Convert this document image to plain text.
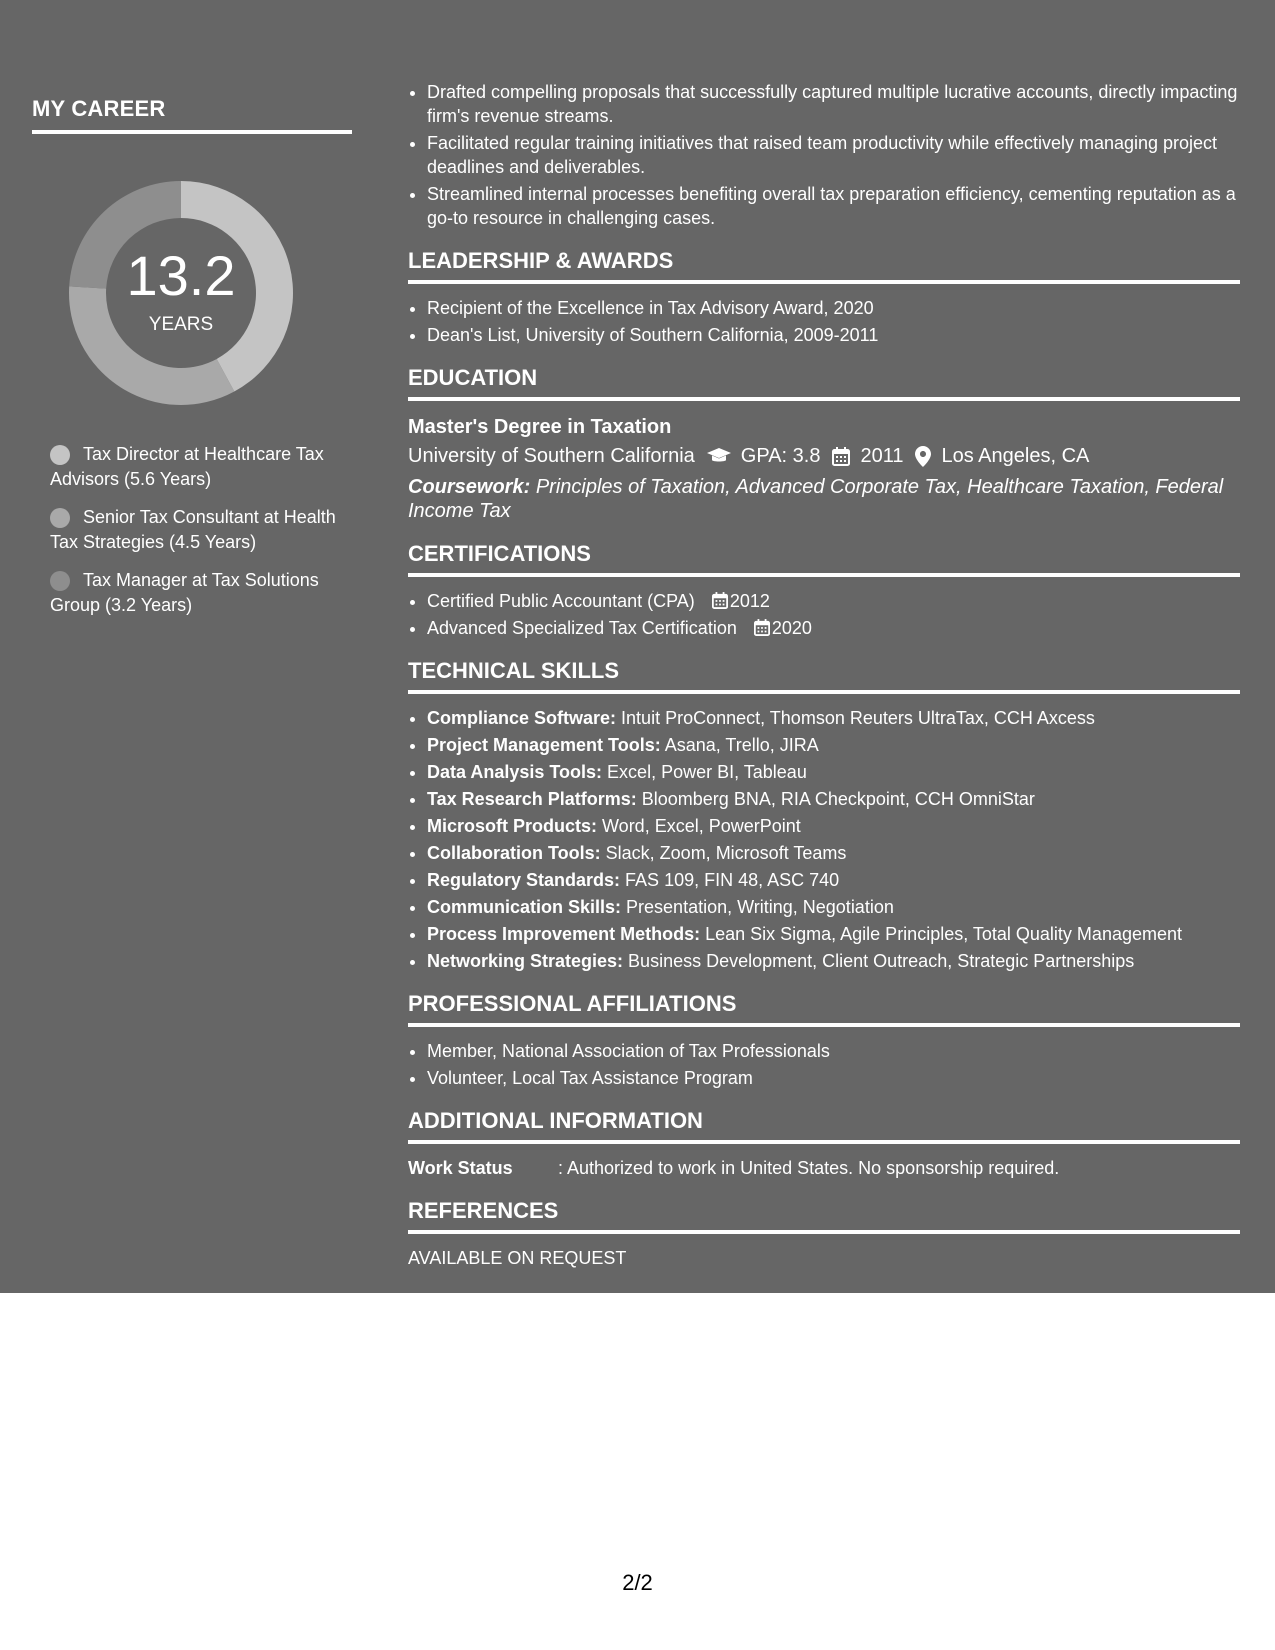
MY CAREER
13.2
YEARS
Tax Director at Healthcare Tax Advisors (5.6 Years)
Senior Tax Consultant at Health Tax Strategies (4.5 Years)
Tax Manager at Tax Solutions Group (3.2 Years)
• Drafted compelling proposals that successfully captured multiple lucrative accounts, directly impacting firm's revenue streams.
• Facilitated regular training initiatives that raised team productivity while effectively managing project deadlines and deliverables.
• Streamlined internal processes benefiting overall tax preparation efficiency, cementing reputation as a go-to resource in challenging cases.
LEADERSHIP & AWARDS
• Recipient of the Excellence in Tax Advisory Award, 2020
• Dean's List, University of Southern California, 2009-2011
EDUCATION
Master's Degree in Taxation
University of Southern California GPA: 3.8 2011 Los Angeles, CA
Coursework: Principles of Taxation, Advanced Corporate Tax, Healthcare Taxation, Federal Income Tax
CERTIFICATIONS
• Certified Public Accountant (CPA) 2012
• Advanced Specialized Tax Certification 2020
TECHNICAL SKILLS
• Compliance Software: Intuit ProConnect, Thomson Reuters UltraTax, CCH Axcess
• Project Management Tools: Asana, Trello, JIRA
• Data Analysis Tools: Excel, Power BI, Tableau
• Tax Research Platforms: Bloomberg BNA, RIA Checkpoint, CCH OmniStar
• Microsoft Products: Word, Excel, PowerPoint
• Collaboration Tools: Slack, Zoom, Microsoft Teams
• Regulatory Standards: FAS 109, FIN 48, ASC 740
• Communication Skills: Presentation, Writing, Negotiation
• Process Improvement Methods: Lean Six Sigma, Agile Principles, Total Quality Management
• Networking Strategies: Business Development, Client Outreach, Strategic Partnerships
PROFESSIONAL AFFILIATIONS
• Member, National Association of Tax Professionals
• Volunteer, Local Tax Assistance Program
ADDITIONAL INFORMATION
Work Status	: Authorized to work in United States. No sponsorship required.
REFERENCES
AVAILABLE ON REQUEST
2/2
